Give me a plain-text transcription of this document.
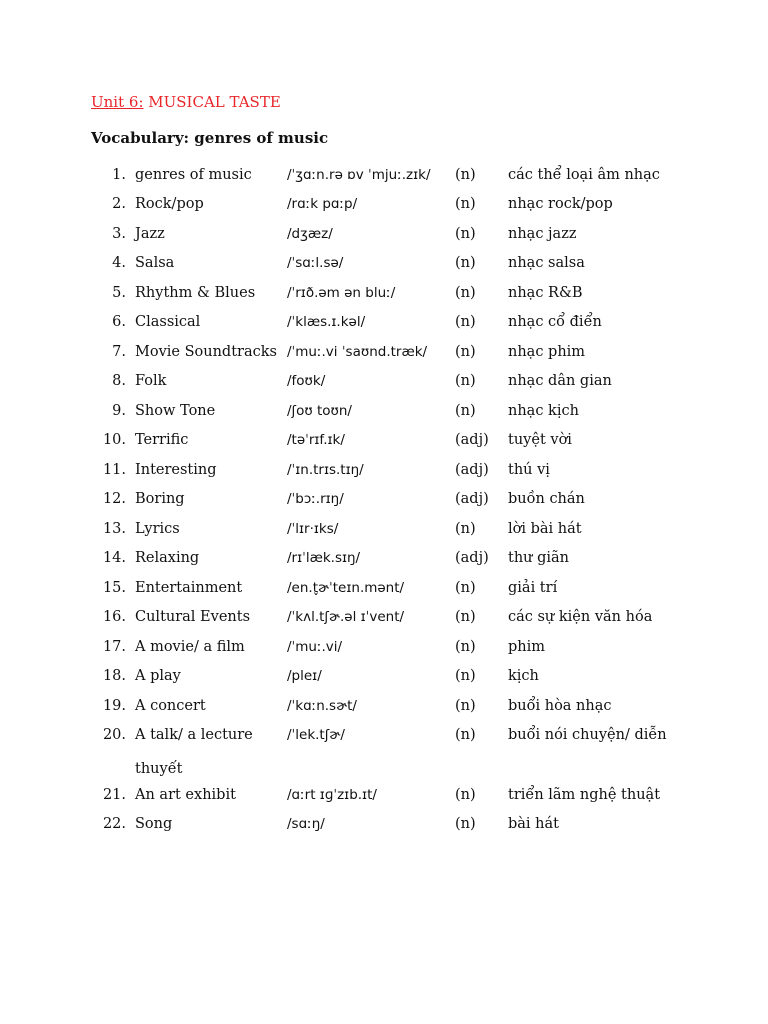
Unit 6: MUSICAL TASTE
Vocabulary: genres of music
1. genres of music	/ˈʒɑːn.rə ɒv ˈmjuː.zɪk/ (n) các thể loại âm nhạc
2. Rock/pop	/rɑːk pɑːp/	(n) nhạc rock/pop
3. Jazz	/dʒæz/	(n) nhạc jazz
4. Salsa	/ˈsɑːl.sə/	(n) nhạc salsa
5. Rhythm & Blues /ˈrɪð.əm ən bluː/	(n) nhạc R&B
6. Classical	/ˈklæs.ɪ.kəl/	(n) nhạc cổ điển
7. Movie Soundtracks /ˈmuː.vi ˈsaʊnd.træk/ (n) nhạc phim
8. Folk	/foʊk/	(n) nhạc dân gian
9. Show Tone	/ʃoʊ toʊn/	(n) nhạc kịch
10. Terrific	/təˈrɪf.ɪk/	(adj) tuyệt vời
11. Interesting	/ˈɪn.trɪs.tɪŋ/	(adj) thú vị
12. Boring	/ˈbɔː.rɪŋ/	(adj) buồn chán
13. Lyrics	/ˈlɪr·ɪks/	(n) lời bài hát
14. Relaxing	/rɪˈlæk.sɪŋ/	(adj) thư giãn
15. Entertainment	/en.t̬ɚˈteɪn.mənt/	(n) giải trí
16. Cultural Events	/ˈkʌl.tʃɚ.əl ɪˈvent/	(n) các sự kiện văn hóa
17. A movie/ a film	/ˈmuː.vi/	(n) phim
18. A play	/pleɪ/	(n) kịch
19. A concert	/ˈkɑːn.sɚt/	(n) buổi hòa nhạc
20. A talk/ a lecture	/ˈlek.tʃɚ/	(n) buổi nói chuyện/ diễn
thuyết
21. An art exhibit	/ɑːrt ɪɡˈzɪb.ɪt/	(n) triển lãm nghệ thuật
22. Song	/sɑːŋ/	(n) bài hát
